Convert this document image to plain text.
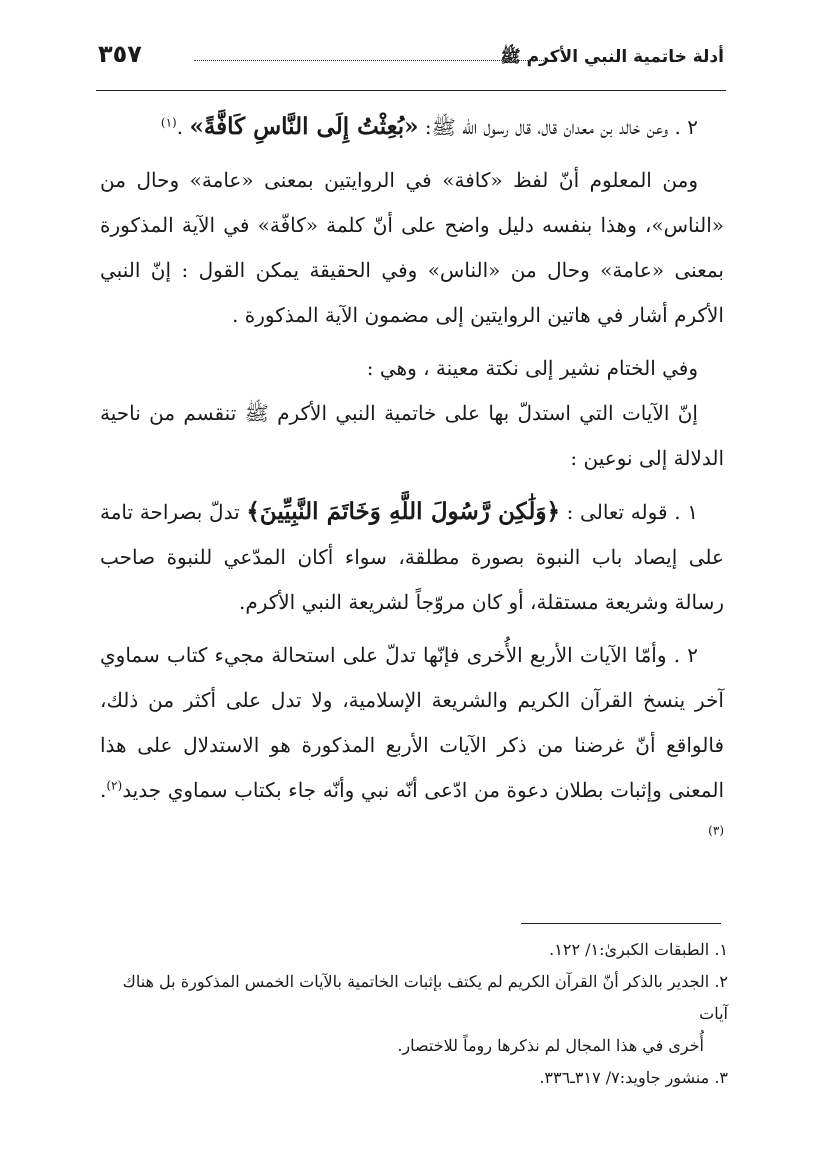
أدلة خاتمية النبي الأكرم ﷺ
٣٥٧

٢ . وعن خالد بن معدان قال، قال رسول الله ﷺ: «بُعِثْتُ إِلَى النَّاسِ كَافَّةً» .$^{(١)}$

ومن المعلوم أنّ لفظ «كافة» في الروايتين بمعنى «عامة» وحال من «الناس»، وهذا بنفسه دليل واضح على أنّ كلمة «كافّة» في الآية المذكورة بمعنى «عامة» وحال من «الناس» وفي الحقيقة يمكن القول : إنّ النبي الأكرم أشار في هاتين الروايتين إلى مضمون الآية المذكورة .

وفي الختام نشير إلى نكتة معينة ، وهي :

إنّ الآيات التي استدلّ بها على خاتمية النبي الأكرم ﷺ تنقسم من ناحية الدلالة إلى نوعين :

١ . قوله تعالى : ﴿وَلَٰكِن رَّسُولَ اللَّهِ وَخَاتَمَ النَّبِيِّينَ﴾ تدلّ بصراحة تامة على إيصاد باب النبوة بصورة مطلقة، سواء أكان المدّعي للنبوة صاحب رسالة وشريعة مستقلة، أو كان مروّجاً لشريعة النبي الأكرم.

٢ . وأمّا الآيات الأربع الأُخرى فإنّها تدلّ على استحالة مجيء كتاب سماوي آخر ينسخ القرآن الكريم والشريعة الإسلامية، ولا تدل على أكثر من ذلك، فالواقع أنّ غرضنا من ذكر الآيات الأربع المذكورة هو الاستدلال على هذا المعنى وإثبات بطلان دعوة من ادّعى أنّه نبي وأنّه جاء بكتاب سماوي جديد$^{(٢)}$. $^{(٣)}$

١. الطبقات الكبرىٰ:١/ ١٢٢.

٢. الجدير بالذكر أنّ القرآن الكريم لم يكتف بإثبات الخاتمية بالآيات الخمس المذكورة بل هناك آيات
أُخرى في هذا المجال لم نذكرها روماً للاختصار.

٣. منشور جاويد:٧/ ٣١٧ـ٣٣٦.
